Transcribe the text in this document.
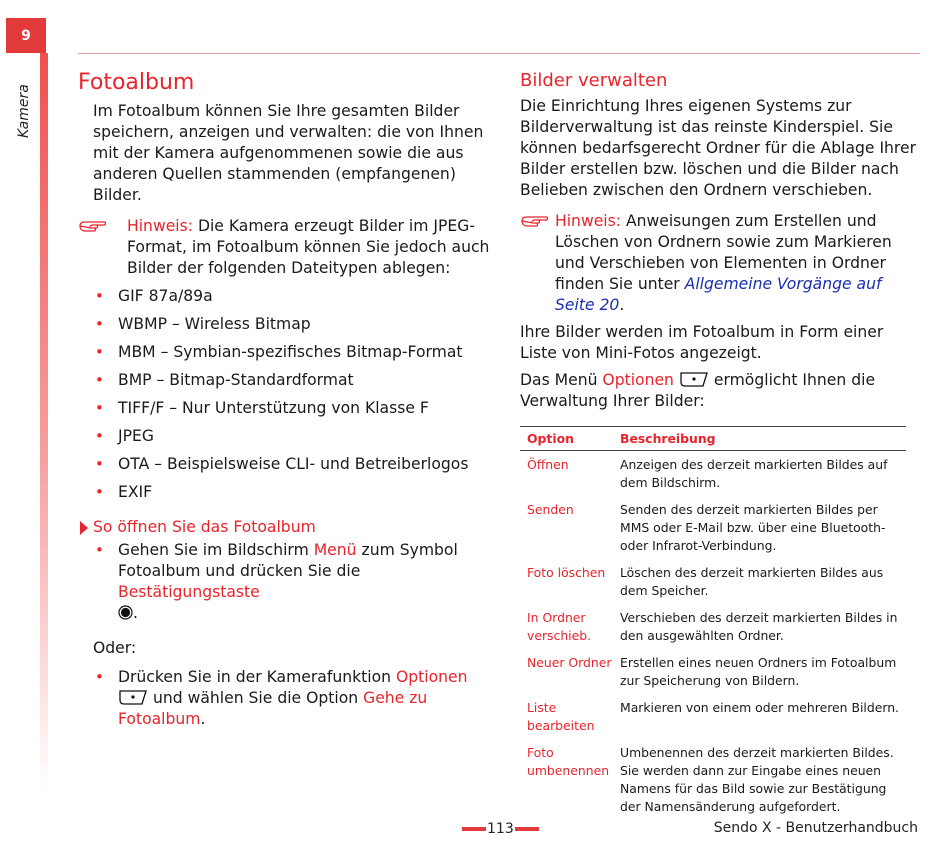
9
Kamera
Fotoalbum

Im Fotoalbum können Sie Ihre gesamten Bilder speichern, anzeigen und verwalten: die von Ihnen mit der Kamera aufgenommenen sowie die aus anderen Quellen stammenden (empfangenen) Bilder.

Hinweis: Die Kamera erzeugt Bilder im JPEG-Format, im Fotoalbum können Sie jedoch auch Bilder der folgenden Dateitypen ablegen:
• GIF 87a/89a
• WBMP – Wireless Bitmap
• MBM – Symbian-spezifisches Bitmap-Format
• BMP – Bitmap-Standardformat
• TIFF/F – Nur Unterstützung von Klasse F
• JPEG
• OTA – Beispielsweise CLI- und Betreiberlogos
• EXIF
So öffnen Sie das Fotoalbum
• Gehen Sie im Bildschirm Menü zum Symbol Fotoalbum und drücken Sie die Bestätigungstaste
.

Oder:

• Drücken Sie in der Kamerafunktion Optionen
und wählen Sie die Option Gehe zu Fotoalbum.
Bilder verwalten

Die Einrichtung Ihres eigenen Systems zur Bilderverwaltung ist das reinste Kinderspiel. Sie können bedarfsgerecht Ordner für die Ablage Ihrer Bilder erstellen bzw. löschen und die Bilder nach Belieben zwischen den Ordnern verschieben.

Hinweis: Anweisungen zum Erstellen und Löschen von Ordnern sowie zum Markieren und Verschieben von Elementen in Ordner finden Sie unter Allgemeine Vorgänge auf Seite 20.

Ihre Bilder werden im Fotoalbum in Form einer Liste von Mini-Fotos angezeigt.

Das Menü Optionen  ermöglicht Ihnen die Verwaltung Ihrer Bilder:

Option	Beschreibung
Öffnen	Anzeigen des derzeit markierten Bildes auf dem Bildschirm.
Senden	Senden des derzeit markierten Bildes per MMS oder E-Mail bzw. über eine Bluetooth- oder Infrarot-Verbindung.
Foto löschen	Löschen des derzeit markierten Bildes aus dem Speicher.
In Ordner verschieb.	Verschieben des derzeit markierten Bildes in den ausgewählten Ordner.
Neuer Ordner	Erstellen eines neuen Ordners im Fotoalbum zur Speicherung von Bildern.
Liste bearbeiten	Markieren von einem oder mehreren Bildern.
Foto umbenennen	Umbenennen des derzeit markierten Bildes. Sie werden dann zur Eingabe eines neuen Namens für das Bild sowie zur Bestätigung der Namensänderung aufgefordert.
113	Sendo X - Benutzerhandbuch
